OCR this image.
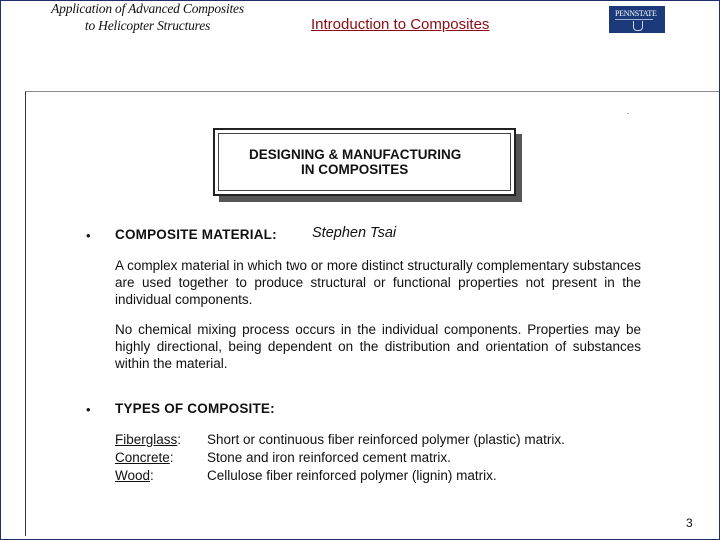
Application of Advanced Composites
to Helicopter Structures	Introduction to Composites
PENNSTATE
DESIGNING & MANUFACTURING
IN COMPOSITES
• COMPOSITE MATERIAL: Stephen Tsai
A complex material in which two or more distinct structurally complementary substances are used together to produce structural or functional properties not present in the individual components.
No chemical mixing process occurs in the individual components. Properties may be highly directional, being dependent on the distribution and orientation of substances within the material.
• TYPES OF COMPOSITE:
Fiberglass:	Short or continuous fiber reinforced polymer (plastic) matrix.
Concrete:	Stone and iron reinforced cement matrix.
Wood:	Cellulose fiber reinforced polymer (lignin) matrix.
3
